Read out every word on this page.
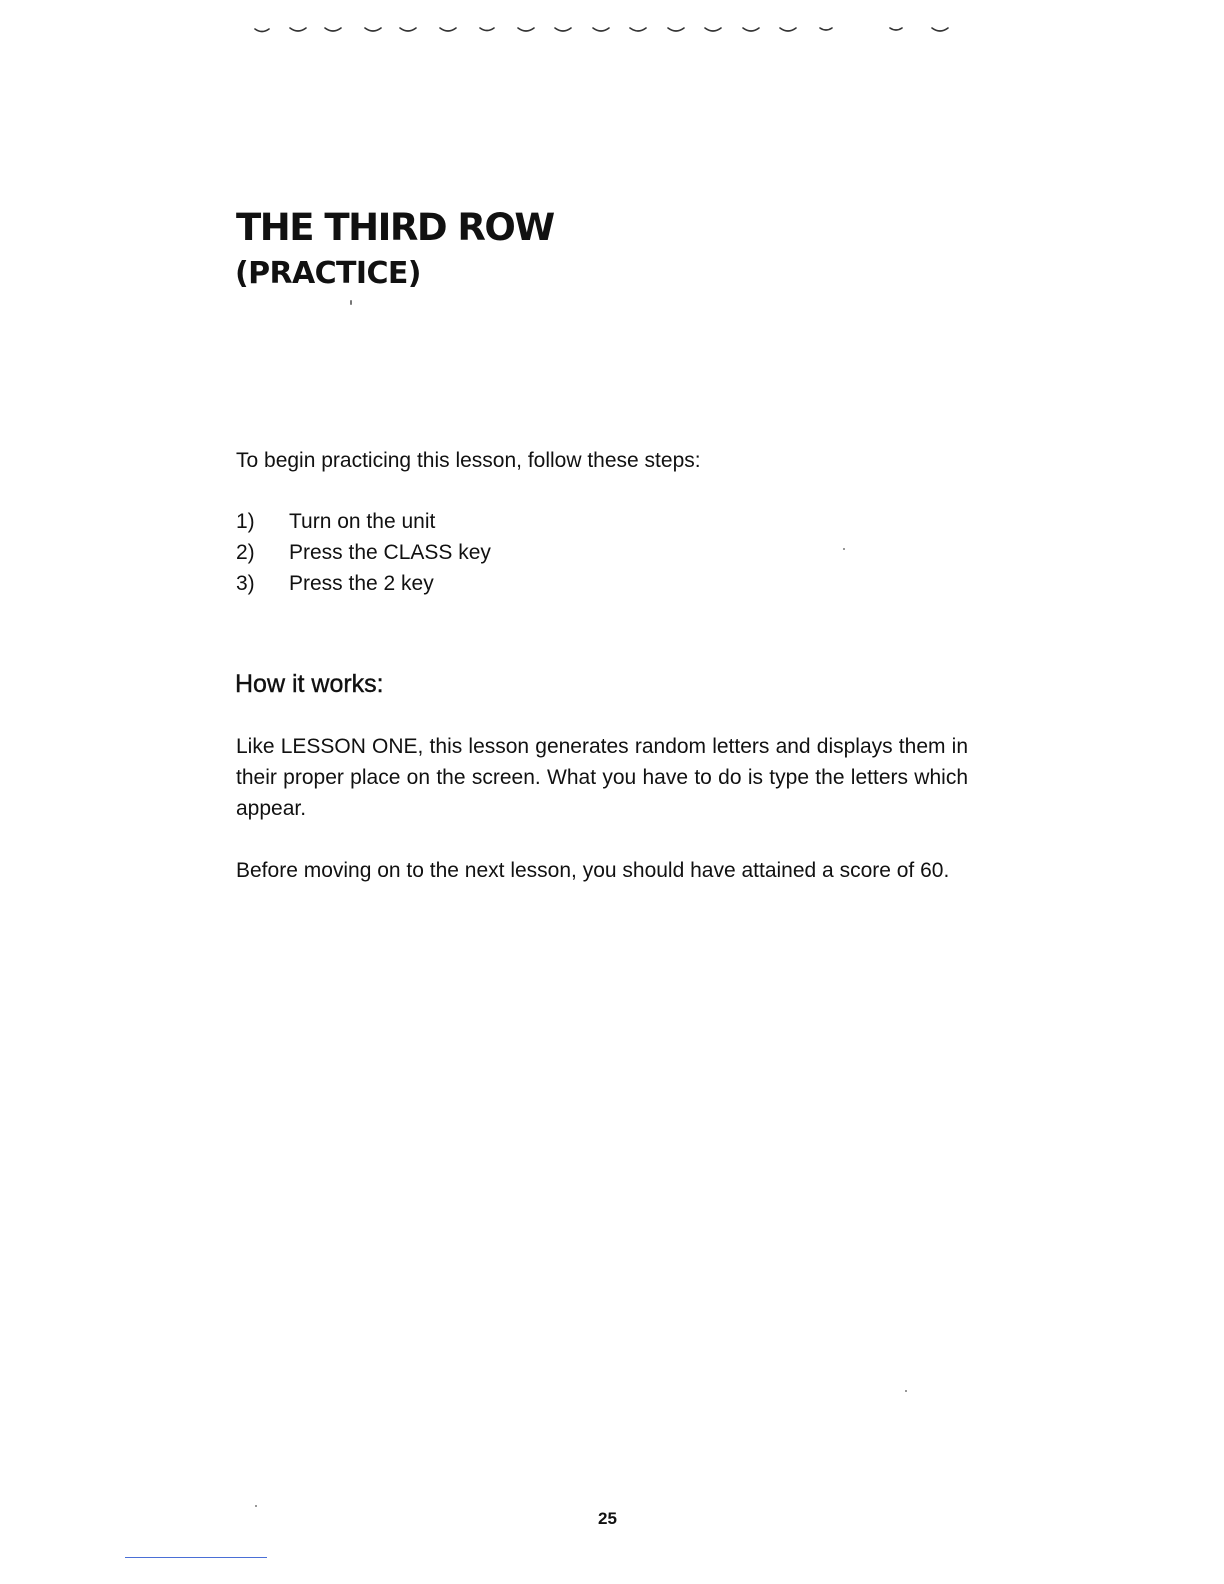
THE THIRD ROW
(PRACTICE)

To begin practicing this lesson, follow these steps:

1)	Turn on the unit
2)	Press the CLASS key
3)	Press the 2 key
How it works:

Like LESSON ONE, this lesson generates random letters and displays them in their proper place on the screen. What you have to do is type the letters which appear.

Before moving on to the next lesson, you should have attained a score of 60.

25
